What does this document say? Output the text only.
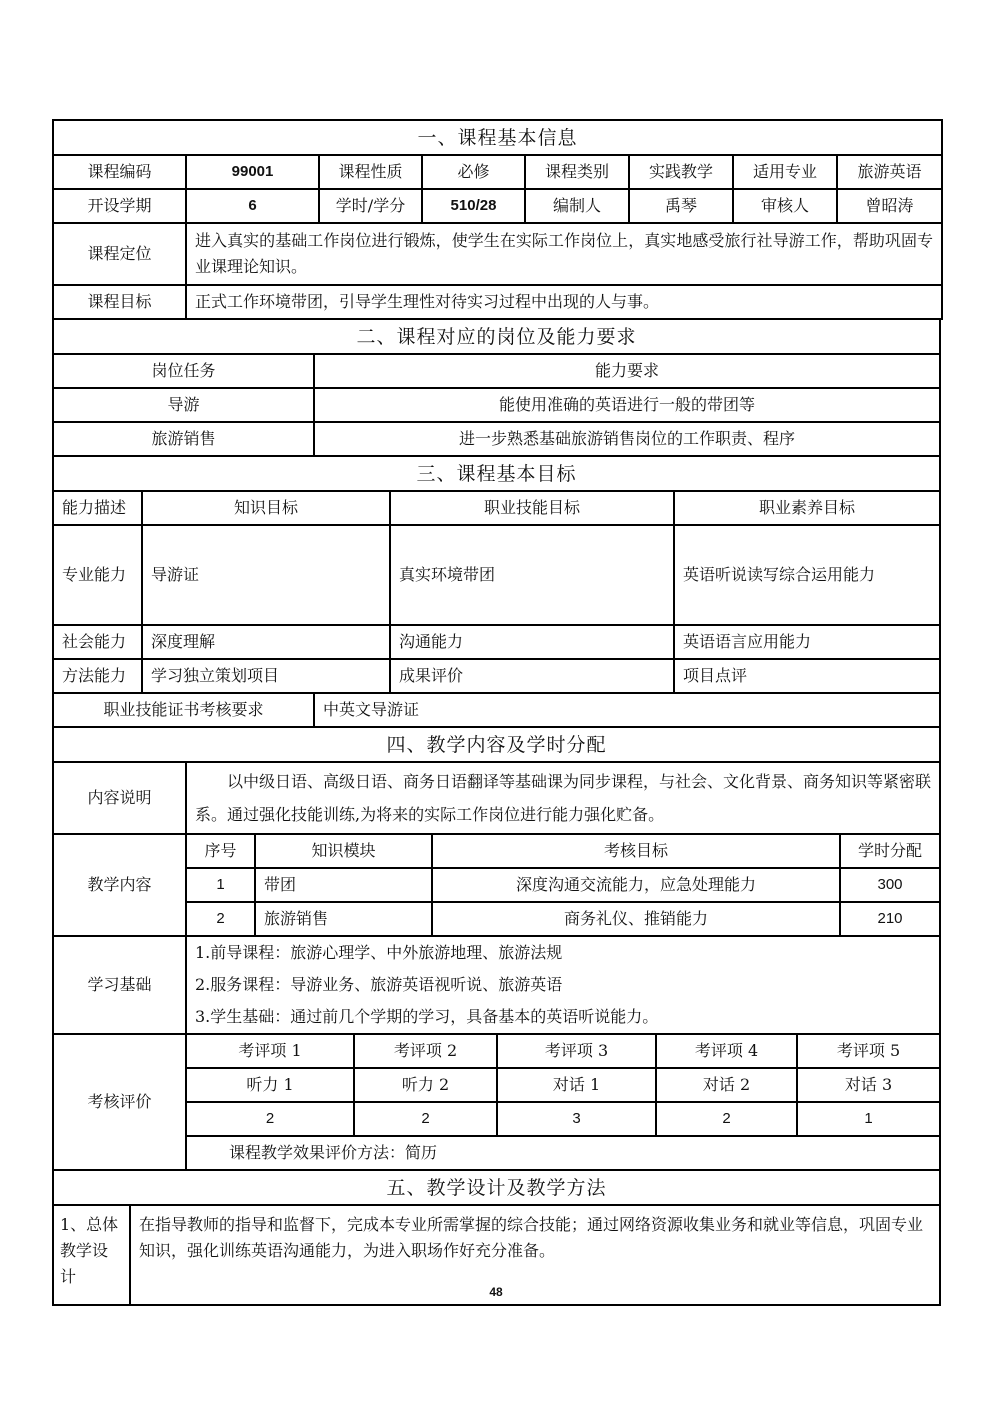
一、课程基本信息							
课程编码	99001	课程性质	必修	课程类别	实践教学	适用专业	旅游英语
开设学期	6	学时/学分	510/28	编制人	禹琴	审核人	曾昭涛
课程定位	进入真实的基础工作岗位进行锻炼，使学生在实际工作岗位上，真实地感受旅行社导游工作，帮助巩固专业课理论知识。						
课程目标	正式工作环境带团，引导学生理性对待实习过程中出现的人与事。						
二、课程对应的岗位及能力要求	
岗位任务	能力要求
导游	能使用准确的英语进行一般的带团等
旅游销售	进一步熟悉基础旅游销售岗位的工作职责、程序
三、课程基本目标			
能力描述	知识目标	职业技能目标	职业素养目标
专业能力	导游证	真实环境带团	英语听说读写综合运用能力
社会能力	深度理解	沟通能力	英语语言应用能力
方法能力	学习独立策划项目	成果评价	项目点评
职业技能证书考核要求	中英文导游证
四、教学内容及学时分配				
内容说明	以中级日语、高级日语、商务日语翻译等基础课为同步课程，与社会、文化背景、商务知识等紧密联系。通过强化技能训练,为将来的实际工作岗位进行能力强化贮备。			
教学内容	序号	知识模块	考核目标	学时分配
	1	带团	深度沟通交流能力，应急处理能力	300
	2	旅游销售	商务礼仪、推销能力	210
学习基础	1.前导课程：旅游心理学、中外旅游地理、旅游法规
2.服务课程：导游业务、旅游英语视听说、旅游英语
3.学生基础：通过前几个学期的学习，具备基本的英语听说能力。			
考核评价	考评项 1	考评项 2	考评项 3	考评项 4	考评项 5
	听力 1	听力 2	对话 1	对话 2	对话 3
	2	2	3	2	1
	课程教学效果评价方法：简历				
五、教学设计及教学方法
1、总体教学设计	在指导教师的指导和监督下，完成本专业所需掌握的综合技能；通过网络资源收集业务和就业等信息，巩固专业知识，强化训练英语沟通能力，为进入职场作好充分准备。
48
